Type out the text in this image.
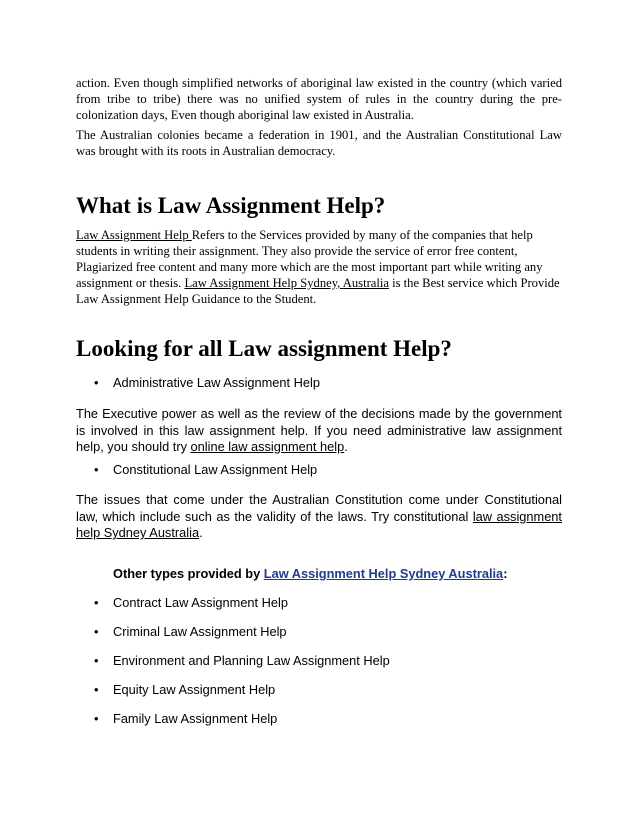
action. Even though simplified networks of aboriginal law existed in the country (which varied from tribe to tribe) there was no unified system of rules in the country during the pre-colonization days, Even though aboriginal law existed in Australia.

The Australian colonies became a federation in 1901, and the Australian Constitutional Law was brought with its roots in Australian democracy.

What is Law Assignment Help?

Law Assignment Help Refers to the Services provided by many of the companies that help students in writing their assignment. They also provide the service of error free content, Plagiarized free content and many more which are the most important part while writing any assignment or thesis. Law Assignment Help Sydney, Australia is the Best service which Provide Law Assignment Help Guidance to the Student.

Looking for all Law assignment Help?
• Administrative Law Assignment Help

The Executive power as well as the review of the decisions made by the government is involved in this law assignment help. If you need administrative law assignment help, you should try online law assignment help.

• Constitutional Law Assignment Help

The issues that come under the Australian Constitution come under Constitutional law, which include such as the validity of the laws. Try constitutional law assignment help Sydney Australia.

Other types provided by Law Assignment Help Sydney Australia:
• Contract Law Assignment Help
• Criminal Law Assignment Help
• Environment and Planning Law Assignment Help
• Equity Law Assignment Help
• Family Law Assignment Help
